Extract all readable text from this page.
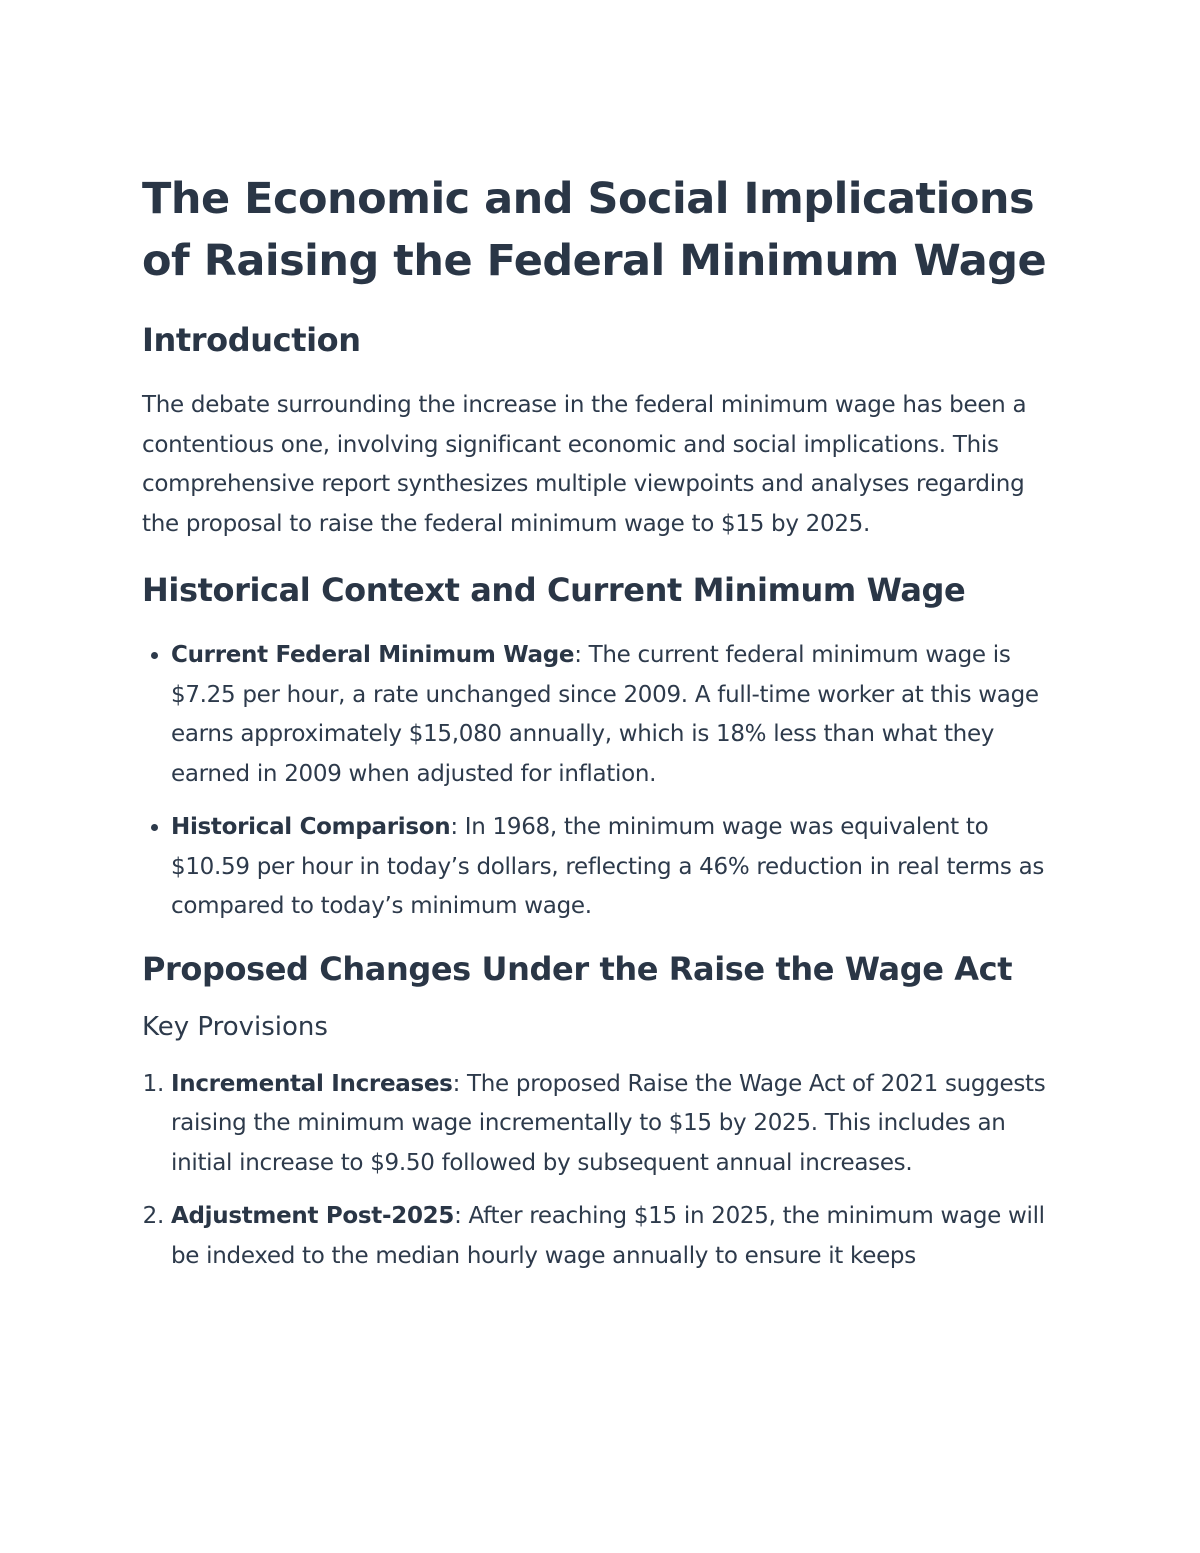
The Economic and Social Implications of Raising the Federal Minimum Wage
Introduction

The debate surrounding the increase in the federal minimum wage has been a contentious one, involving significant economic and social implications. This comprehensive report synthesizes multiple viewpoints and analyses regarding the proposal to raise the federal minimum wage to $15 by 2025.

Historical Context and Current Minimum Wage
• Current Federal Minimum Wage: The current federal minimum wage is $7.25 per hour, a rate unchanged since 2009. A full-time worker at this wage earns approximately $15,080 annually, which is 18% less than what they earned in 2009 when adjusted for inflation.
• Historical Comparison: In 1968, the minimum wage was equivalent to $10.59 per hour in today’s dollars, reflecting a 46% reduction in real terms as compared to today’s minimum wage.
Proposed Changes Under the Raise the Wage Act
Key Provisions
1. Incremental Increases: The proposed Raise the Wage Act of 2021 suggests raising the minimum wage incrementally to $15 by 2025. This includes an initial increase to $9.50 followed by subsequent annual increases.
2. Adjustment Post-2025: After reaching $15 in 2025, the minimum wage will be indexed to the median hourly wage annually to ensure it keeps
